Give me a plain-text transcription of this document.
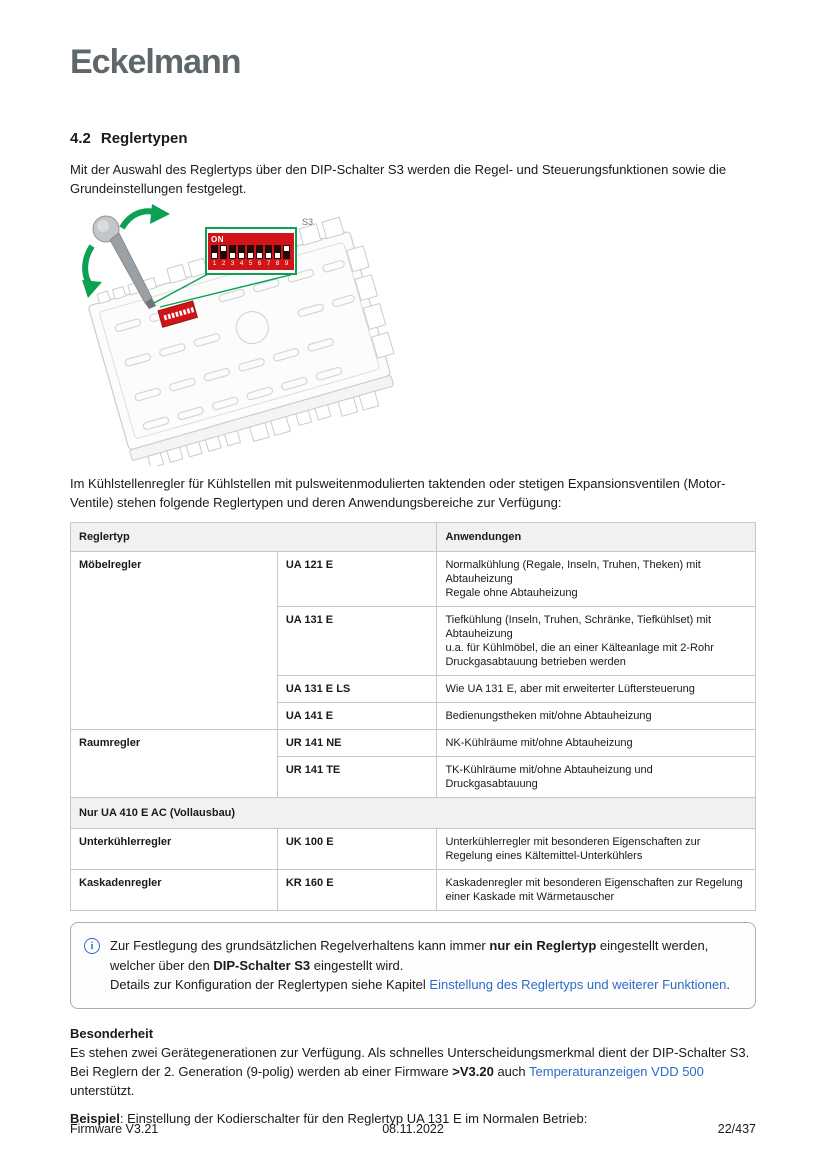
Eckelmann
4.2 Reglertypen

Mit der Auswahl des Reglertyps über den DIP-Schalter S3 werden die Regel- und Steuerungsfunktionen sowie die Grundeinstellungen festgelegt.

ON
1 2 3 4 5 6 7 8 9
S3

Im Kühlstellenregler für Kühlstellen mit pulsweitenmodulierten taktenden oder stetigen Expansionsventilen (Motor-Ventile) stehen folgende Reglertypen und deren Anwendungsbereiche zur Verfügung:

Reglertyp		Anwendungen
Möbelregler	UA 121 E	Normalkühlung (Regale, Inseln, Truhen, Theken) mit Abtauheizung
Regale ohne Abtauheizung

	UA 131 E	Tiefkühlung (Inseln, Truhen, Schränke, Tiefkühlset) mit Abtauheizung
u.a. für Kühlmöbel, die an einer Kälteanlage mit 2-Rohr Druckgasabtauung betrieben werden

	UA 131 E LS	Wie UA 131 E, aber mit erweiterter Lüftersteuerung
	UA 141 E	Bedienungstheken mit/ohne Abtauheizung
Raumregler	UR 141 NE	NK-Kühlräume mit/ohne Abtauheizung
	UR 141 TE	TK-Kühlräume mit/ohne Abtauheizung und Druckgasabtauung
Nur UA 410 E AC (Vollausbau)		
Unterkühlerregler	UK 100 E	Unterkühlerregler mit besonderen Eigenschaften zur Regelung eines Kältemittel-Unterkühlers
Kaskadenregler	KR 160 E	Kaskadenregler mit besonderen Eigenschaften zur Regelung einer Kaskade mit Wärmetauscher
i	Zur Festlegung des grundsätzlichen Regelverhaltens kann immer nur ein Reglertyp eingestellt werden, welcher über den DIP-Schalter S3 eingestellt wird.
Details zur Konfiguration der Reglertypen siehe Kapitel Einstellung des Reglertyps und weiterer Funktionen.

Besonderheit
Es stehen zwei Gerätegenerationen zur Verfügung. Als schnelles Unterscheidungsmerkmal dient der DIP-Schalter S3. Bei Reglern der 2. Generation (9-polig) werden ab einer Firmware >V3.20 auch Temperaturanzeigen VDD 500 unterstützt.

Beispiel: Einstellung der Kodierschalter für den Reglertyp UA 131 E im Normalen Betrieb:

Firmware V3.21	08.11.2022	22/437
